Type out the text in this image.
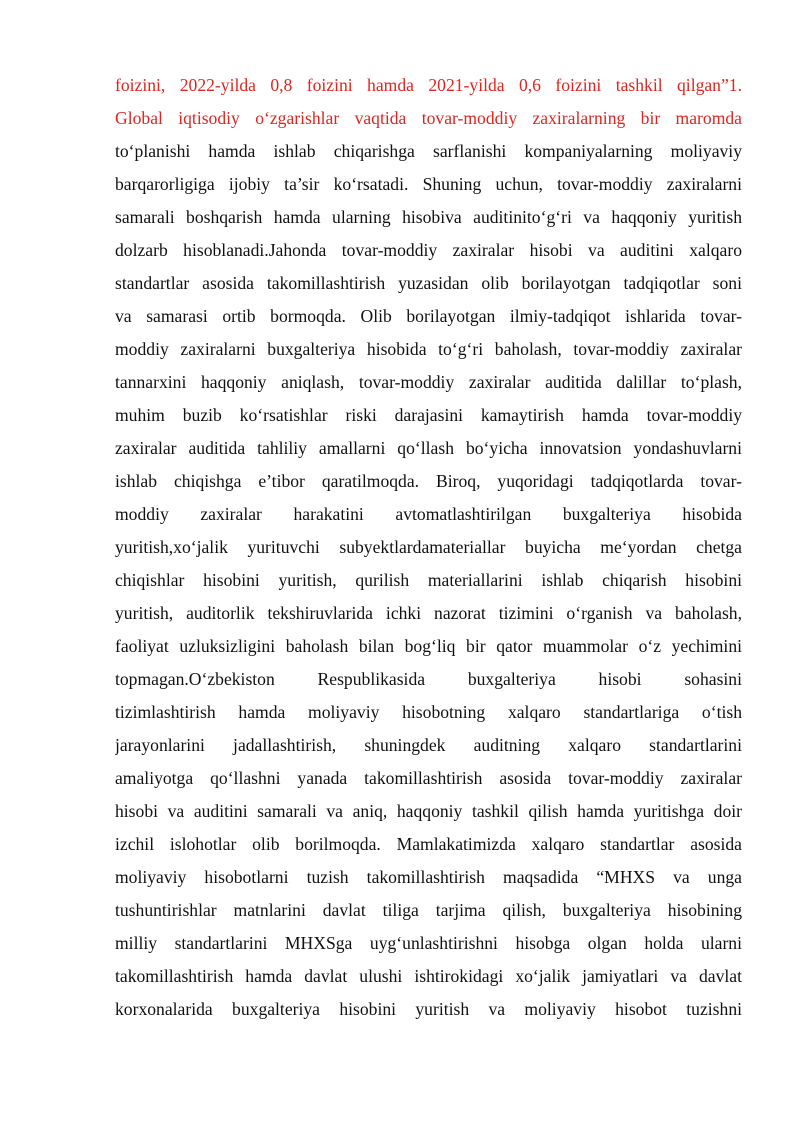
foizini, 2022-yilda 0,8 foizini hamda 2021-yilda 0,6 foizini tashkil qilgan”1.
Global iqtisodiy o‘zgarishlar vaqtida tovar-moddiy zaxiralarning bir maromda
to‘planishi hamda ishlab chiqarishga sarflanishi kompaniyalarning moliyaviy
barqarorligiga ijobiy ta’sir ko‘rsatadi. Shuning uchun, tovar-moddiy zaxiralarni
samarali boshqarish hamda ularning hisobiva auditinito‘g‘ri va haqqoniy yuritish
dolzarb hisoblanadi.Jahonda tovar-moddiy zaxiralar hisobi va auditini xalqaro
standartlar asosida takomillashtirish yuzasidan olib borilayotgan tadqiqotlar soni
va samarasi ortib bormoqda. Olib borilayotgan ilmiy-tadqiqot ishlarida tovar-
moddiy zaxiralarni buxgalteriya hisobida to‘g‘ri baholash, tovar-moddiy zaxiralar
tannarxini haqqoniy aniqlash, tovar-moddiy zaxiralar auditida dalillar to‘plash,
muhim buzib ko‘rsatishlar riski darajasini kamaytirish hamda tovar-moddiy
zaxiralar auditida tahliliy amallarni qo‘llash bo‘yicha innovatsion yondashuvlarni
ishlab chiqishga e’tibor qaratilmoqda. Biroq, yuqoridagi tadqiqotlarda tovar-
moddiy zaxiralar harakatini avtomatlashtirilgan buxgalteriya hisobida
yuritish,xo‘jalik yurituvchi subyektlardamateriallar buyicha me‘yordan chetga
chiqishlar hisobini yuritish, qurilish materiallarini ishlab chiqarish hisobini
yuritish, auditorlik tekshiruvlarida ichki nazorat tizimini o‘rganish va baholash,
faoliyat uzluksizligini baholash bilan bog‘liq bir qator muammolar o‘z yechimini
topmagan.O‘zbekiston Respublikasida buxgalteriya hisobi sohasini
tizimlashtirish hamda moliyaviy hisobotning xalqaro standartlariga o‘tish
jarayonlarini jadallashtirish, shuningdek auditning xalqaro standartlarini
amaliyotga qo‘llashni yanada takomillashtirish asosida tovar-moddiy zaxiralar
hisobi va auditini samarali va aniq, haqqoniy tashkil qilish hamda yuritishga doir
izchil islohotlar olib borilmoqda. Mamlakatimizda xalqaro standartlar asosida
moliyaviy hisobotlarni tuzish takomillashtirish maqsadida “MHXS va unga
tushuntirishlar matnlarini davlat tiliga tarjima qilish, buxgalteriya hisobining
milliy standartlarini MHXSga uyg‘unlashtirishni hisobga olgan holda ularni
takomillashtirish hamda davlat ulushi ishtirokidagi xo‘jalik jamiyatlari va davlat
korxonalarida buxgalteriya hisobini yuritish va moliyaviy hisobot tuzishni
